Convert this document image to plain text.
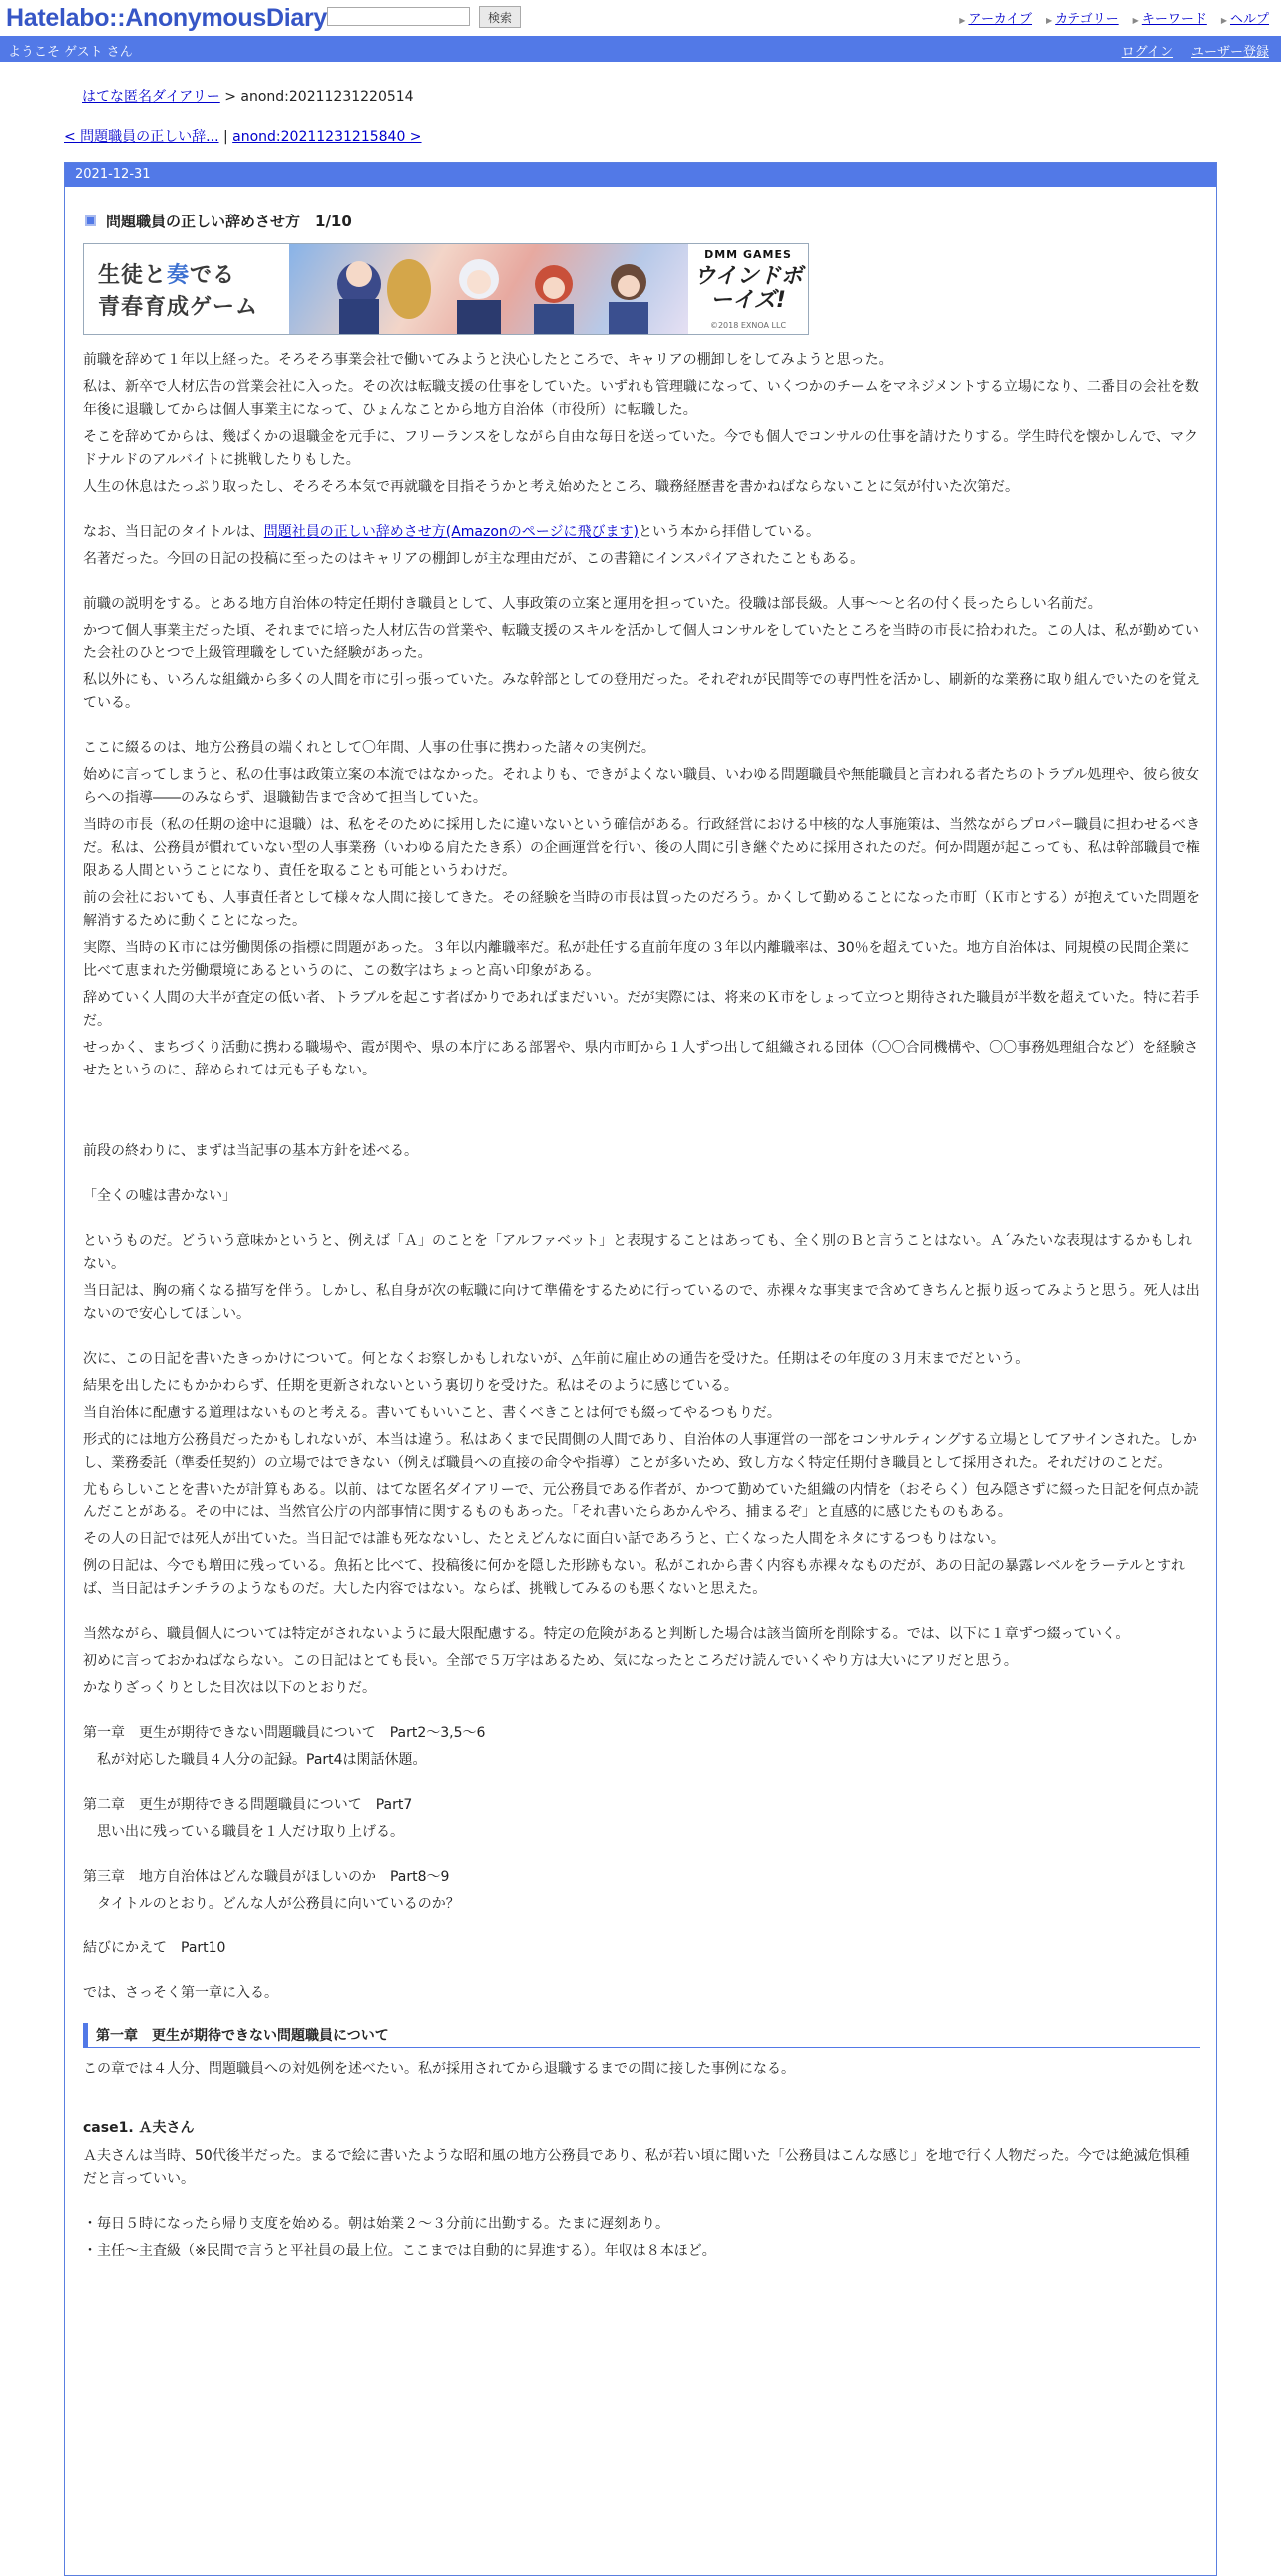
Hatelabo::AnonymousDiary	検索	▶ アーカイブ	▶ カテゴリー	▶ キーワード	▶ ヘルプ
ようこそ ゲスト さん	ログイン ユーザー登録
はてな匿名ダイアリー > anond:20211231220514
< 問題職員の正しい辞... | anond:20211231215840 >
2021-12-31
問題職員の正しい辞めさせ方　1/10
生徒と奏でる
青春育成ゲーム
DMM GAMES
ウインドボーイズ!
©2018 EXNOA LLC

前職を辞めて１年以上経った。そろそろ事業会社で働いてみようと決心したところで、キャリアの棚卸しをしてみようと思った。

私は、新卒で人材広告の営業会社に入った。その次は転職支援の仕事をしていた。いずれも管理職になって、いくつかのチームをマネジメントする立場になり、二番目の会社を数年後に退職してからは個人事業主になって、ひょんなことから地方自治体（市役所）に転職した。

そこを辞めてからは、幾ばくかの退職金を元手に、フリーランスをしながら自由な毎日を送っていた。今でも個人でコンサルの仕事を請けたりする。学生時代を懐かしんで、マクドナルドのアルバイトに挑戦したりもした。

人生の休息はたっぷり取ったし、そろそろ本気で再就職を目指そうかと考え始めたところ、職務経歴書を書かねばならないことに気が付いた次第だ。

なお、当日記のタイトルは、問題社員の正しい辞めさせ方(Amazonのページに飛びます)という本から拝借している。

名著だった。今回の日記の投稿に至ったのはキャリアの棚卸しが主な理由だが、この書籍にインスパイアされたこともある。

前職の説明をする。とある地方自治体の特定任期付き職員として、人事政策の立案と運用を担っていた。役職は部長級。人事～～と名の付く長ったらしい名前だ。

かつて個人事業主だった頃、それまでに培った人材広告の営業や、転職支援のスキルを活かして個人コンサルをしていたところを当時の市長に拾われた。この人は、私が勤めていた会社のひとつで上級管理職をしていた経験があった。

私以外にも、いろんな組織から多くの人間を市に引っ張っていた。みな幹部としての登用だった。それぞれが民間等での専門性を活かし、刷新的な業務に取り組んでいたのを覚えている。

ここに綴るのは、地方公務員の端くれとして〇年間、人事の仕事に携わった諸々の実例だ。

始めに言ってしまうと、私の仕事は政策立案の本流ではなかった。それよりも、できがよくない職員、いわゆる問題職員や無能職員と言われる者たちのトラブル処理や、彼ら彼女らへの指導――のみならず、退職勧告まで含めて担当していた。

当時の市長（私の任期の途中に退職）は、私をそのために採用したに違いないという確信がある。行政経営における中核的な人事施策は、当然ながらプロパー職員に担わせるべきだ。私は、公務員が慣れていない型の人事業務（いわゆる肩たたき系）の企画運営を行い、後の人間に引き継ぐために採用されたのだ。何か問題が起こっても、私は幹部職員で権限ある人間ということになり、責任を取ることも可能というわけだ。

前の会社においても、人事責任者として様々な人間に接してきた。その経験を当時の市長は買ったのだろう。かくして勤めることになった市町（Ｋ市とする）が抱えていた問題を解消するために動くことになった。

実際、当時のＫ市には労働関係の指標に問題があった。３年以内離職率だ。私が赴任する直前年度の３年以内離職率は、30％を超えていた。地方自治体は、同規模の民間企業に比べて恵まれた労働環境にあるというのに、この数字はちょっと高い印象がある。

辞めていく人間の大半が査定の低い者、トラブルを起こす者ばかりであればまだいい。だが実際には、将来のＫ市をしょって立つと期待された職員が半数を超えていた。特に若手だ。

せっかく、まちづくり活動に携わる職場や、霞が関や、県の本庁にある部署や、県内市町から１人ずつ出して組織される団体（〇〇合同機構や、〇〇事務処理組合など）を経験させたというのに、辞められては元も子もない。

前段の終わりに、まずは当記事の基本方針を述べる。

「全くの嘘は書かない」

というものだ。どういう意味かというと、例えば「Ａ」のことを「アルファベット」と表現することはあっても、全く別のＢと言うことはない。Ａ´みたいな表現はするかもしれない。

当日記は、胸の痛くなる描写を伴う。しかし、私自身が次の転職に向けて準備をするために行っているので、赤裸々な事実まで含めてきちんと振り返ってみようと思う。死人は出ないので安心してほしい。

次に、この日記を書いたきっかけについて。何となくお察しかもしれないが、△年前に雇止めの通告を受けた。任期はその年度の３月末までだという。

結果を出したにもかかわらず、任期を更新されないという裏切りを受けた。私はそのように感じている。

当自治体に配慮する道理はないものと考える。書いてもいいこと、書くべきことは何でも綴ってやるつもりだ。

形式的には地方公務員だったかもしれないが、本当は違う。私はあくまで民間側の人間であり、自治体の人事運営の一部をコンサルティングする立場としてアサインされた。しかし、業務委託（準委任契約）の立場ではできない（例えば職員への直接の命令や指導）ことが多いため、致し方なく特定任期付き職員として採用された。それだけのことだ。

尤もらしいことを書いたが計算もある。以前、はてな匿名ダイアリーで、元公務員である作者が、かつて勤めていた組織の内情を（おそらく）包み隠さずに綴った日記を何点か読んだことがある。その中には、当然官公庁の内部事情に関するものもあった。「それ書いたらあかんやろ、捕まるぞ」と直感的に感じたものもある。

その人の日記では死人が出ていた。当日記では誰も死なないし、たとえどんなに面白い話であろうと、亡くなった人間をネタにするつもりはない。

例の日記は、今でも増田に残っている。魚拓と比べて、投稿後に何かを隠した形跡もない。私がこれから書く内容も赤裸々なものだが、あの日記の暴露レベルをラーテルとすれば、当日記はチンチラのようなものだ。大した内容ではない。ならば、挑戦してみるのも悪くないと思えた。

当然ながら、職員個人については特定がされないように最大限配慮する。特定の危険があると判断した場合は該当箇所を削除する。では、以下に１章ずつ綴っていく。

初めに言っておかねばならない。この日記はとても長い。全部で５万字はあるため、気になったところだけ読んでいくやり方は大いにアリだと思う。

かなりざっくりとした目次は以下のとおりだ。

第一章　更生が期待できない問題職員について　Part2～3,5～6

　私が対応した職員４人分の記録。Part4は閑話休題。

第二章　更生が期待できる問題職員について　Part7

　思い出に残っている職員を１人だけ取り上げる。

第三章　地方自治体はどんな職員がほしいのか　Part8～9

　タイトルのとおり。どんな人が公務員に向いているのか？

結びにかえて　Part10

では、さっそく第一章に入る。

第一章　更生が期待できない問題職員について

この章では４人分、問題職員への対処例を述べたい。私が採用されてから退職するまでの間に接した事例になる。

case1. Ａ夫さん

Ａ夫さんは当時、50代後半だった。まるで絵に書いたような昭和風の地方公務員であり、私が若い頃に聞いた「公務員はこんな感じ」を地で行く人物だった。今では絶滅危惧種だと言っていい。

・毎日５時になったら帰り支度を始める。朝は始業２～３分前に出勤する。たまに遅刻あり。

・主任～主査級（※民間で言うと平社員の最上位。ここまでは自動的に昇進する）。年収は８本ほど。
